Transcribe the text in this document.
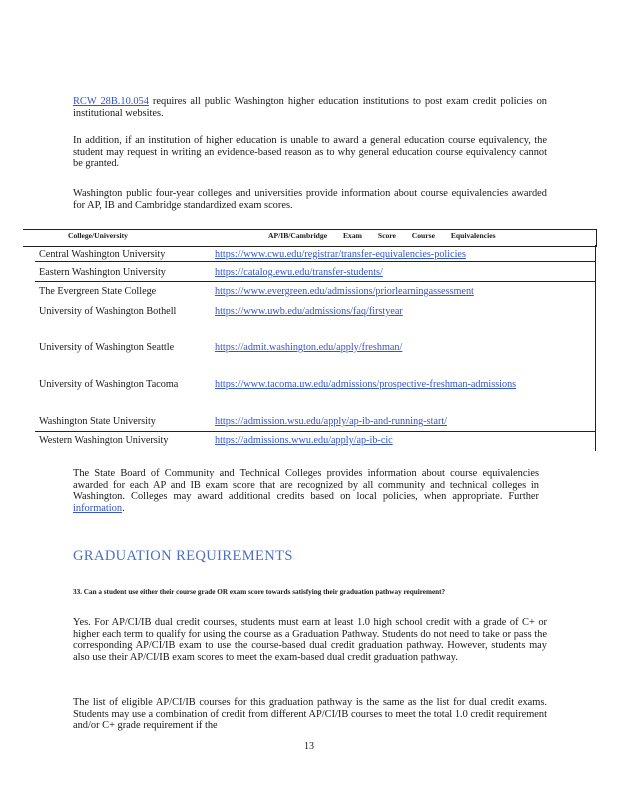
RCW 28B.10.054 requires all public Washington higher education institutions to post exam credit policies on institutional websites.
In addition, if an institution of higher education is unable to award a general education course equivalency, the student may request in writing an evidence-based reason as to why general education course equivalency cannot be granted.
Washington public four-year colleges and universities provide information about course equivalencies awarded for AP, IB and Cambridge standardized exam scores.
College/University	AP/IB/Cambridge Exam Score Course Equivalencies
Central Washington University	https://www.cwu.edu/registrar/transfer-equivalencies-policies
Eastern Washington University	https://catalog.ewu.edu/transfer-students/
The Evergreen State College	https://www.evergreen.edu/admissions/priorlearningassessment
University of Washington Bothell	https://www.uwb.edu/admissions/faq/firstyear
University of Washington Seattle	https://admit.washington.edu/apply/freshman/
University of Washington Tacoma	https://www.tacoma.uw.edu/admissions/prospective-freshman-admissions
Washington State University	https://admission.wsu.edu/apply/ap-ib-and-running-start/
Western Washington University	https://admissions.wwu.edu/apply/ap-ib-cic
The State Board of Community and Technical Colleges provides information about course equivalencies awarded for each AP and IB exam score that are recognized by all community and technical colleges in Washington. Colleges may award additional credits based on local policies, when appropriate. Further information.
GRADUATION REQUIREMENTS
33. Can a student use either their course grade OR exam score towards satisfying their graduation pathway requirement?
Yes. For AP/CI/IB dual credit courses, students must earn at least 1.0 high school credit with a grade of C+ or higher each term to qualify for using the course as a Graduation Pathway. Students do not need to take or pass the corresponding AP/CI/IB exam to use the course-based dual credit graduation pathway. However, students may also use their AP/CI/IB exam scores to meet the exam-based dual credit graduation pathway.
The list of eligible AP/CI/IB courses for this graduation pathway is the same as the list for dual credit exams. Students may use a combination of credit from different AP/CI/IB courses to meet the total 1.0 credit requirement and/or C+ grade requirement if the
13
